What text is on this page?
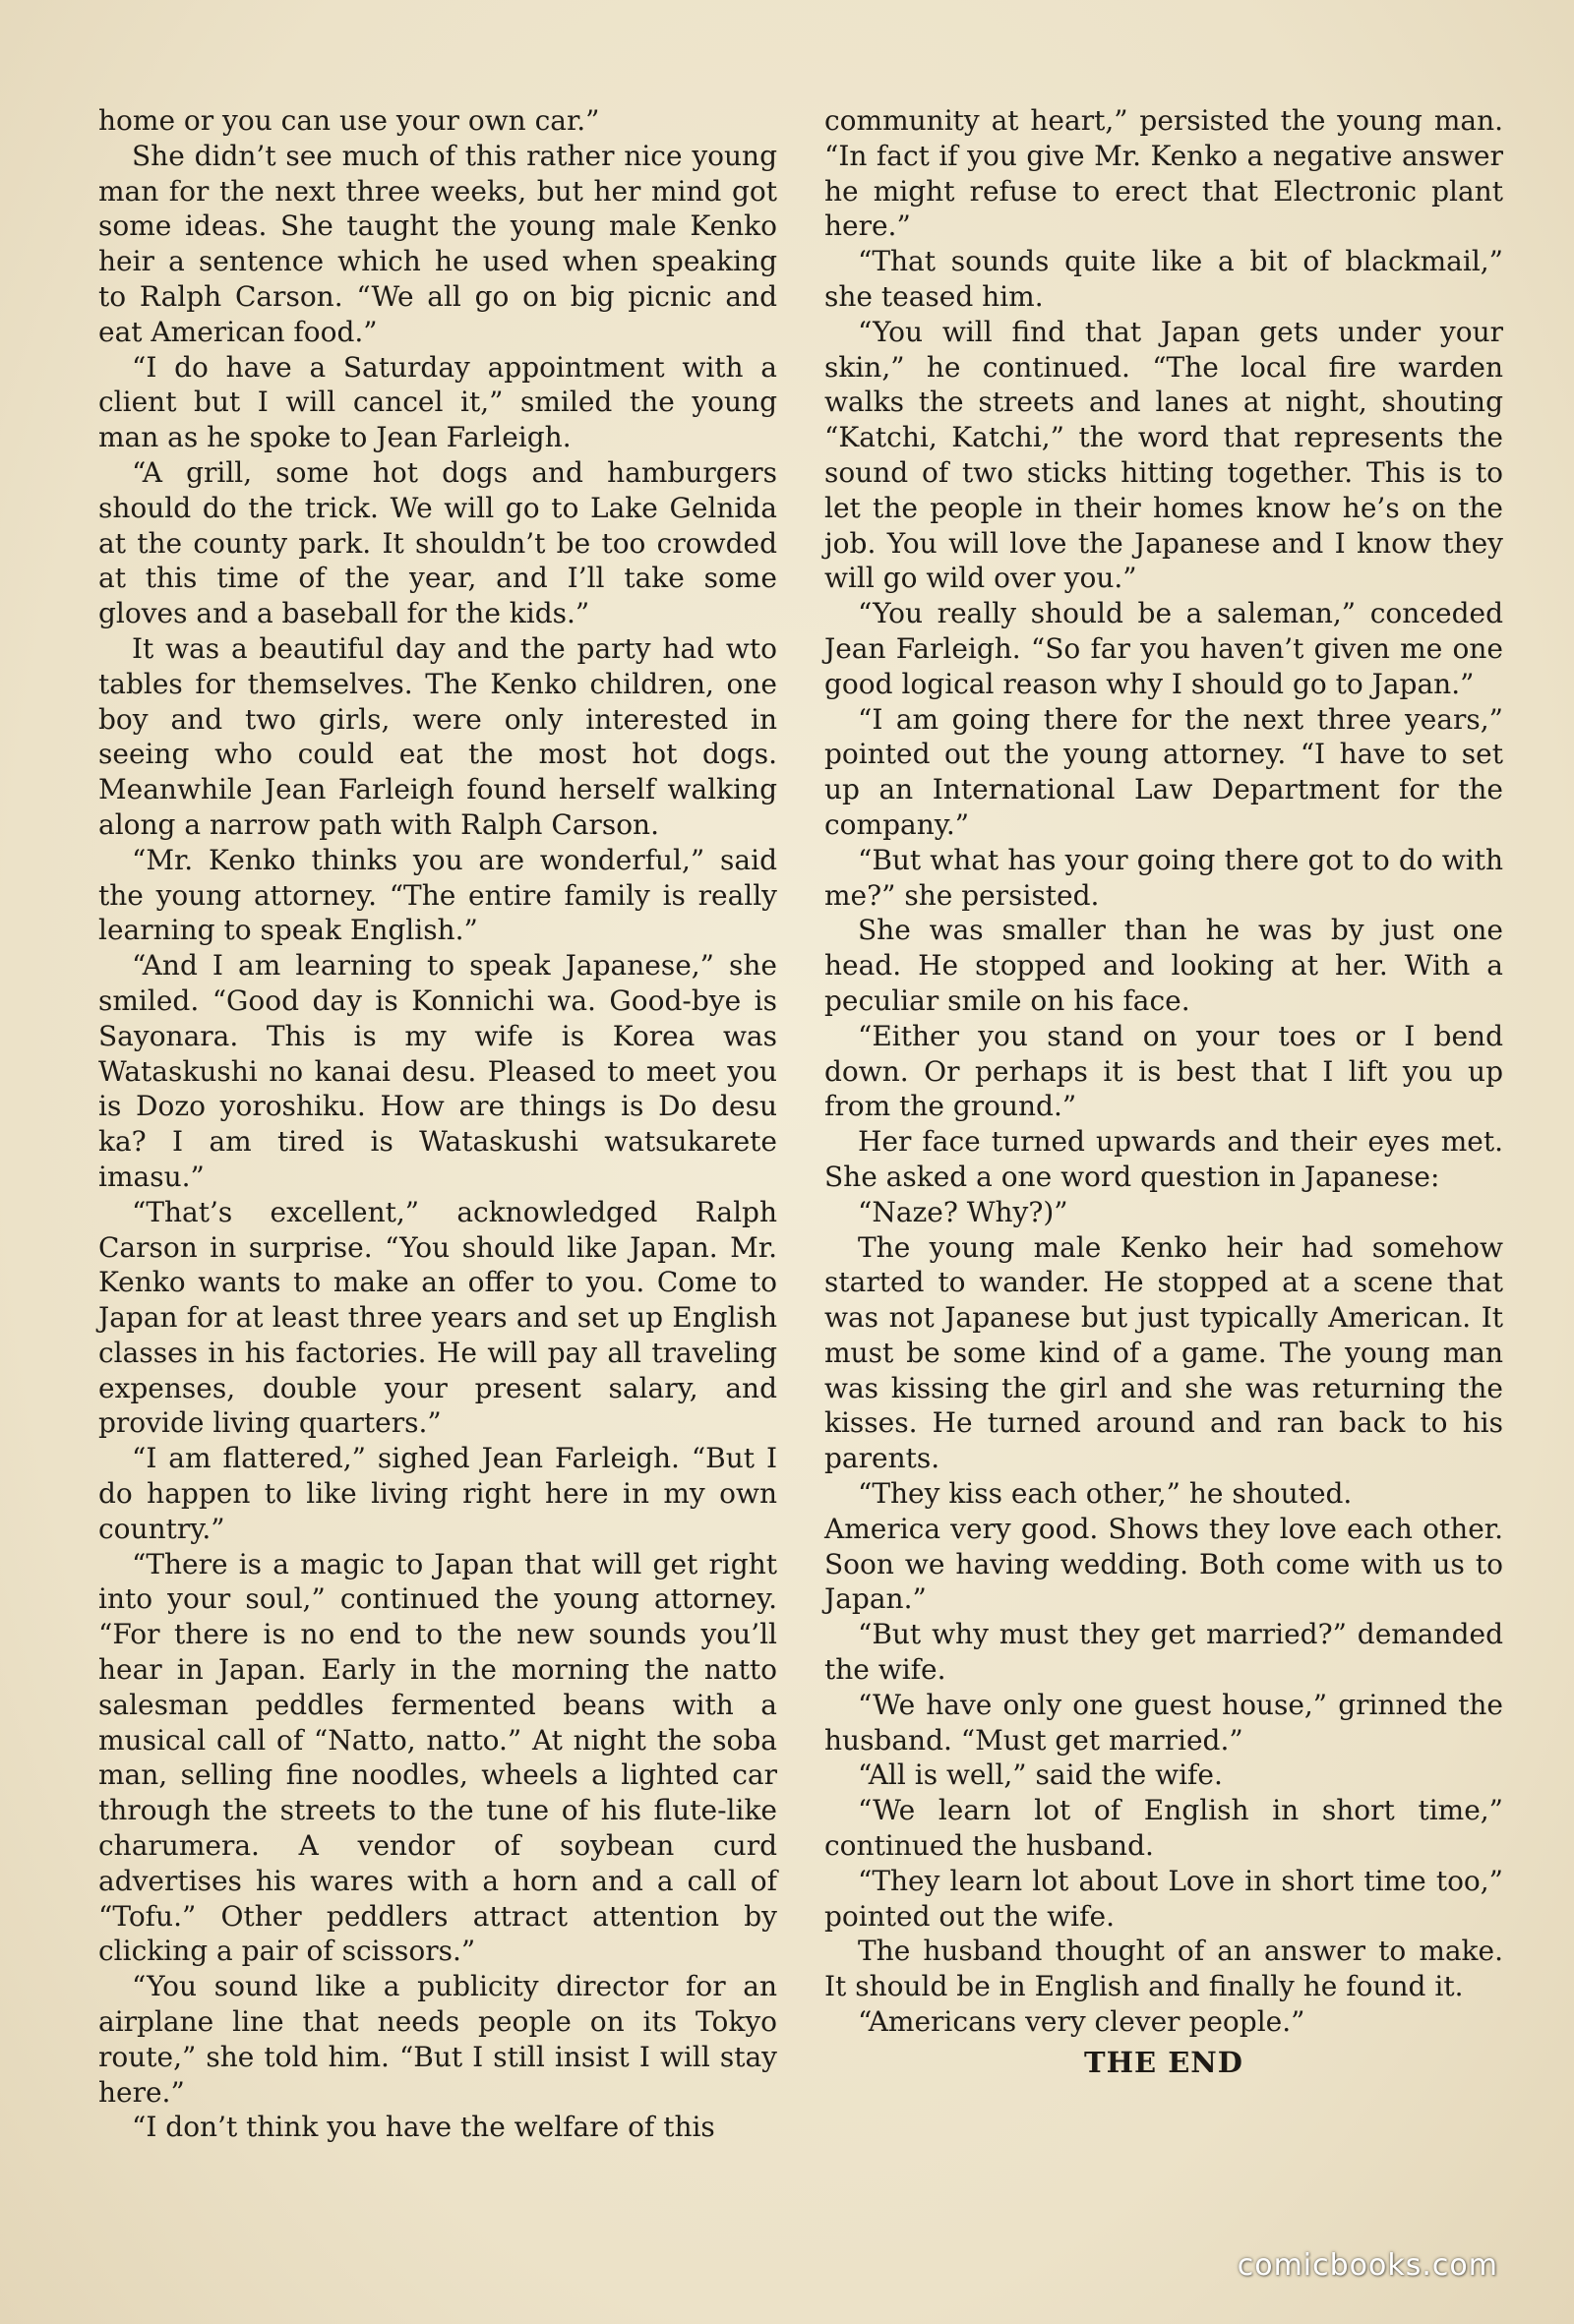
home or you can use your own car.”

She didn’t see much of this rather nice young man for the next three weeks, but her mind got some ideas. She taught the young male Kenko heir a sentence which he used when speaking to Ralph Carson. “We all go on big picnic and eat American food.”

“I do have a Saturday appointment with a client but I will cancel it,” smiled the young man as he spoke to Jean Farleigh.

“A grill, some hot dogs and hamburgers should do the trick. We will go to Lake Gelnida at the county park. It shouldn’t be too crowded at this time of the year, and I’ll take some gloves and a baseball for the kids.”

It was a beautiful day and the party had wto tables for themselves. The Kenko children, one boy and two girls, were only interested in seeing who could eat the most hot dogs. Meanwhile Jean Farleigh found herself walking along a narrow path with Ralph Carson.

“Mr. Kenko thinks you are wonderful,” said the young attorney. “The entire family is really learning to speak English.”

“And I am learning to speak Japanese,” she smiled. “Good day is Konnichi wa. Good-bye is Sayonara. This is my wife is Korea was Wataskushi no kanai desu. Pleased to meet you is Dozo yoroshiku. How are things is Do desu ka? I am tired is Wataskushi watsukarete imasu.”

“That’s excellent,” acknowledged Ralph Carson in surprise. “You should like Japan. Mr. Kenko wants to make an offer to you. Come to Japan for at least three years and set up English classes in his factories. He will pay all traveling expenses, double your present salary, and provide living quarters.”

“I am flattered,” sighed Jean Farleigh. “But I do happen to like living right here in my own country.”

“There is a magic to Japan that will get right into your soul,” continued the young attorney. “For there is no end to the new sounds you’ll hear in Japan. Early in the morning the natto salesman peddles fermented beans with a musical call of “Natto, natto.” At night the soba man, selling fine noodles, wheels a lighted car through the streets to the tune of his flute-like charumera. A vendor of soybean curd advertises his wares with a horn and a call of “Tofu.” Other peddlers attract attention by clicking a pair of scissors.”

“You sound like a publicity director for an airplane line that needs people on its Tokyo route,” she told him. “But I still insist I will stay here.”

“I don’t think you have the welfare of this

community at heart,” persisted the young man. “In fact if you give Mr. Kenko a negative answer he might refuse to erect that Electronic plant here.”

“That sounds quite like a bit of blackmail,” she teased him.

“You will find that Japan gets under your skin,” he continued. “The local fire warden walks the streets and lanes at night, shouting “Katchi, Katchi,” the word that represents the sound of two sticks hitting together. This is to let the people in their homes know he’s on the job. You will love the Japanese and I know they will go wild over you.”

“You really should be a saleman,” conceded Jean Farleigh. “So far you haven’t given me one good logical reason why I should go to Japan.”

“I am going there for the next three years,” pointed out the young attorney. “I have to set up an International Law Department for the company.”

“But what has your going there got to do with me?” she persisted.

She was smaller than he was by just one head. He stopped and looking at her. With a peculiar smile on his face.

“Either you stand on your toes or I bend down. Or perhaps it is best that I lift you up from the ground.”

Her face turned upwards and their eyes met. She asked a one word question in Japanese:

“Naze? Why?)”

The young male Kenko heir had somehow started to wander. He stopped at a scene that was not Japanese but just typically American. It must be some kind of a game. The young man was kissing the girl and she was returning the kisses. He turned around and ran back to his parents.

“They kiss each other,” he shouted.

America very good. Shows they love each other. Soon we having wedding. Both come with us to Japan.”

“But why must they get married?” demanded the wife.

“We have only one guest house,” grinned the husband. “Must get married.”

“All is well,” said the wife.

“We learn lot of English in short time,” continued the husband.

“They learn lot about Love in short time too,” pointed out the wife.

The husband thought of an answer to make. It should be in English and finally he found it.

“Americans very clever people.”

THE END

comicbooks.com
